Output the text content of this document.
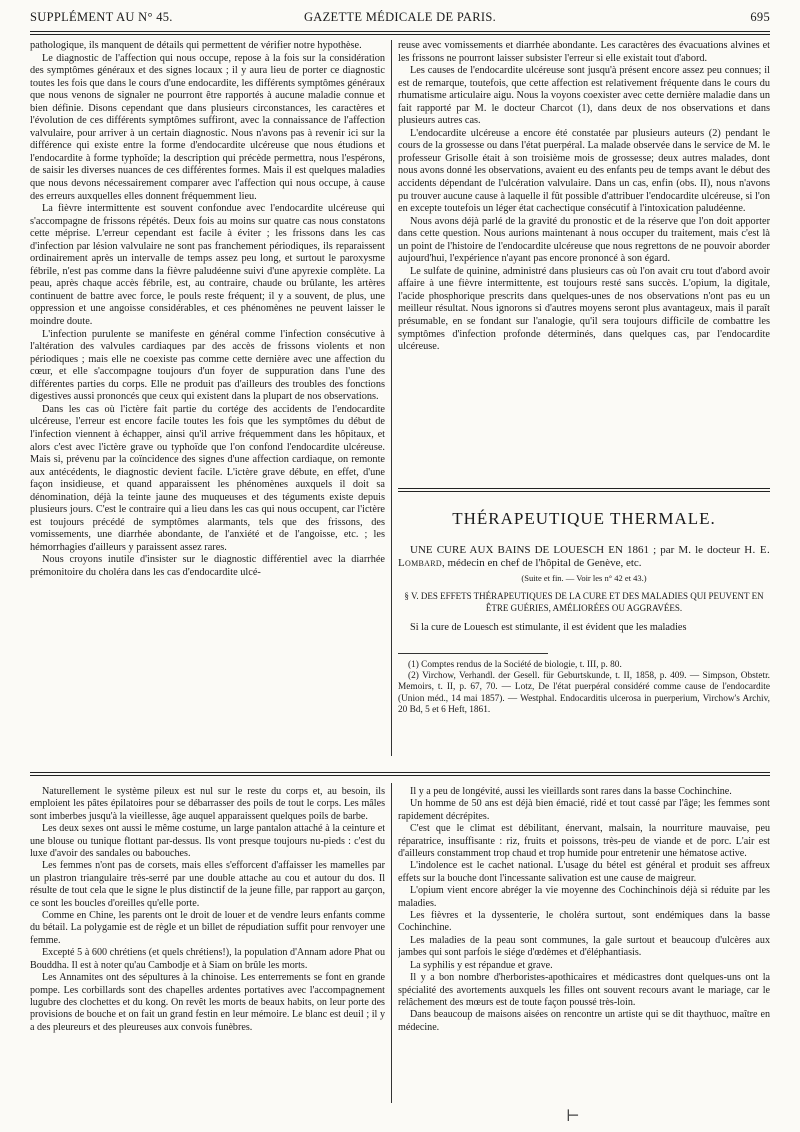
SUPPLÉMENT AU N° 45.	GAZETTE MÉDICALE DE PARIS.	695

pathologique, ils manquent de détails qui permettent de vérifier notre hypothèse.

Le diagnostic de l'affection qui nous occupe, repose à la fois sur la considération des symptômes généraux et des signes locaux ; il y aura lieu de porter ce diagnostic toutes les fois que dans le cours d'une endocardite, les différents symptômes généraux que nous venons de signaler ne pourront être rapportés à aucune maladie connue et bien définie. Disons cependant que dans plusieurs circonstances, les caractères et l'évolution de ces différents symptômes suffiront, avec la connaissance de l'affection valvulaire, pour arriver à un certain diagnostic. Nous n'avons pas à revenir ici sur la différence qui existe entre la forme d'endocardite ulcéreuse que nous étudions et l'endocardite à forme typhoïde; la description qui précède permettra, nous l'espérons, de saisir les diverses nuances de ces différentes formes. Mais il est quelques maladies que nous devons nécessairement comparer avec l'affection qui nous occupe, à cause des erreurs auxquelles elles donnent fréquemment lieu.

La fièvre intermittente est souvent confondue avec l'endocardite ulcéreuse qui s'accompagne de frissons répétés. Deux fois au moins sur quatre cas nous constatons cette méprise. L'erreur cependant est facile à éviter ; les frissons dans les cas d'infection par lésion valvulaire ne sont pas franchement périodiques, ils reparaissent ordinairement après un intervalle de temps assez peu long, et surtout le paroxysme fébrile, n'est pas comme dans la fièvre paludéenne suivi d'une apyrexie complète. La peau, après chaque accès fébrile, est, au contraire, chaude ou brûlante, les artères continuent de battre avec force, le pouls reste fréquent; il y a souvent, de plus, une oppression et une angoisse considérables, et ces phénomènes ne peuvent laisser le moindre doute.

L'infection purulente se manifeste en général comme l'infection consécutive à l'altération des valvules cardiaques par des accès de frissons violents et non périodiques ; mais elle ne coexiste pas comme cette dernière avec une affection du cœur, et elle s'accompagne toujours d'un foyer de suppuration dans l'une des différentes parties du corps. Elle ne produit pas d'ailleurs des troubles des fonctions digestives aussi prononcés que ceux qui existent dans la plupart de nos observations.

Dans les cas où l'ictère fait partie du cortége des accidents de l'endocardite ulcéreuse, l'erreur est encore facile toutes les fois que les symptômes du début de l'infection viennent à échapper, ainsi qu'il arrive fréquemment dans les hôpitaux, et alors c'est avec l'ictère grave ou typhoïde que l'on confond l'endocardite ulcéreuse. Mais si, prévenu par la coïncidence des signes d'une affection cardiaque, on remonte aux antécédents, le diagnostic devient facile. L'ictère grave débute, en effet, d'une façon insidieuse, et quand apparaissent les phénomènes auxquels il doit sa dénomination, déjà la teinte jaune des muqueuses et des téguments existe depuis plusieurs jours. C'est le contraire qui a lieu dans les cas qui nous occupent, car l'ictère est toujours précédé de symptômes alarmants, tels que des frissons, des vomissements, une diarrhée abondante, de l'anxiété et de l'angoisse, etc. ; les hémorrhagies d'ailleurs y paraissent assez rares.

Nous croyons inutile d'insister sur le diagnostic différentiel avec la diarrhée prémonitoire du choléra dans les cas d'endocardite ulcé-

reuse avec vomissements et diarrhée abondante. Les caractères des évacuations alvines et les frissons ne pourront laisser subsister l'erreur si elle existait tout d'abord.

Les causes de l'endocardite ulcéreuse sont jusqu'à présent encore assez peu connues; il est de remarque, toutefois, que cette affection est relativement fréquente dans le cours du rhumatisme articulaire aigu. Nous la voyons coexister avec cette dernière maladie dans un fait rapporté par M. le docteur Charcot (1), dans deux de nos observations et dans plusieurs autres cas.

L'endocardite ulcéreuse a encore été constatée par plusieurs auteurs (2) pendant le cours de la grossesse ou dans l'état puerpéral. La malade observée dans le service de M. le professeur Grisolle était à son troisième mois de grossesse; deux autres malades, dont nous avons donné les observations, avaient eu des enfants peu de temps avant le début des accidents dépendant de l'ulcération valvulaire. Dans un cas, enfin (obs. II), nous n'avons pu trouver aucune cause à laquelle il fût possible d'attribuer l'endocardite ulcéreuse, si l'on en excepte toutefois un léger état cachectique consécutif à l'intoxication paludéenne.

Nous avons déjà parlé de la gravité du pronostic et de la réserve que l'on doit apporter dans cette question. Nous aurions maintenant à nous occuper du traitement, mais c'est là un point de l'histoire de l'endocardite ulcéreuse que nous regrettons de ne pouvoir aborder aujourd'hui, l'expérience n'ayant pas encore prononcé à son égard.

Le sulfate de quinine, administré dans plusieurs cas où l'on avait cru tout d'abord avoir affaire à une fièvre intermittente, est toujours resté sans succès. L'opium, la digitale, l'acide phosphorique prescrits dans quelques-unes de nos observations n'ont pas eu un meilleur résultat. Nous ignorons si d'autres moyens seront plus avantageux, mais il paraît présumable, en se fondant sur l'analogie, qu'il sera toujours difficile de combattre les symptômes d'infection profonde déterminés, dans quelques cas, par l'endocardite ulcéreuse.

THÉRAPEUTIQUE THERMALE.

UNE CURE AUX BAINS DE LOUESCH EN 1861 ; par M. le docteur H. E. Lombard, médecin en chef de l'hôpital de Genève, etc.

(Suite et fin. — Voir les n° 42 et 43.)

§ V. DES EFFETS THÉRAPEUTIQUES DE LA CURE ET DES MALADIES QUI PEUVENT EN ÊTRE GUÉRIES, AMÉLIORÉES OU AGGRAVÉES.

Si la cure de Louesch est stimulante, il est évident que les maladies

(1) Comptes rendus de la Société de biologie, t. III, p. 80.

(2) Virchow, Verhandl. der Gesell. für Geburtskunde, t. II, 1858, p. 409. — Simpson, Obstetr. Memoirs, t. II, p. 67, 70. — Lotz, De l'état puerpéral considéré comme cause de l'endocardite (Union méd., 14 mai 1857). — Westphal. Endocarditis ulcerosa in puerperium, Virchow's Archiv, 20 Bd, 5 et 6 Heft, 1861.

Naturellement le système pileux est nul sur le reste du corps et, au besoin, ils emploient les pâtes épilatoires pour se débarrasser des poils de tout le corps. Les mâles sont imberbes jusqu'à la vieillesse, âge auquel apparaissent quelques poils de barbe.

Les deux sexes ont aussi le même costume, un large pantalon attaché à la ceinture et une blouse ou tunique flottant par-dessus. Ils vont presque toujours nu-pieds : c'est du luxe d'avoir des sandales ou babouches.

Les femmes n'ont pas de corsets, mais elles s'efforcent d'affaisser les mamelles par un plastron triangulaire très-serré par une double attache au cou et autour du dos. Il résulte de tout cela que le signe le plus distinctif de la jeune fille, par rapport au garçon, ce sont les boucles d'oreilles qu'elle porte.

Comme en Chine, les parents ont le droit de louer et de vendre leurs enfants comme du bétail. La polygamie est de règle et un billet de répudiation suffit pour renvoyer une femme.

Excepté 5 à 600 chrétiens (et quels chrétiens!), la population d'Annam adore Phat ou Bouddha. Il est à noter qu'au Cambodje et à Siam on brûle les morts.

Les Annamites ont des sépultures à la chinoise. Les enterrements se font en grande pompe. Les corbillards sont des chapelles ardentes portatives avec l'accompagnement lugubre des clochettes et du kong. On revêt les morts de beaux habits, on leur porte des provisions de bouche et on fait un grand festin en leur mémoire. Le blanc est deuil ; il y a des pleureurs et des pleureuses aux convois funèbres.

Il y a peu de longévité, aussi les vieillards sont rares dans la basse Cochinchine.

Un homme de 50 ans est déjà bien émacié, ridé et tout cassé par l'âge; les femmes sont rapidement décrépites.

C'est que le climat est débilitant, énervant, malsain, la nourriture mauvaise, peu réparatrice, insuffisante : riz, fruits et poissons, très-peu de viande et de porc. L'air est d'ailleurs constamment trop chaud et trop humide pour entretenir une hématose active.

L'indolence est le cachet national. L'usage du bétel est général et produit ses affreux effets sur la bouche dont l'incessante salivation est une cause de maigreur.

L'opium vient encore abréger la vie moyenne des Cochinchinois déjà si réduite par les maladies.

Les fièvres et la dyssenterie, le choléra surtout, sont endémiques dans la basse Cochinchine.

Les maladies de la peau sont communes, la gale surtout et beaucoup d'ulcères aux jambes qui sont parfois le siége d'œdèmes et d'éléphantiasis.

La syphilis y est répandue et grave.

Il y a bon nombre d'herboristes-apothicaires et médicastres dont quelques-uns ont la spécialité des avortements auxquels les filles ont souvent recours avant le mariage, car le relâchement des mœurs est de toute façon poussé très-loin.

Dans beaucoup de maisons aisées on rencontre un artiste qui se dit thaythuoc, maître en médecine.

⊢
